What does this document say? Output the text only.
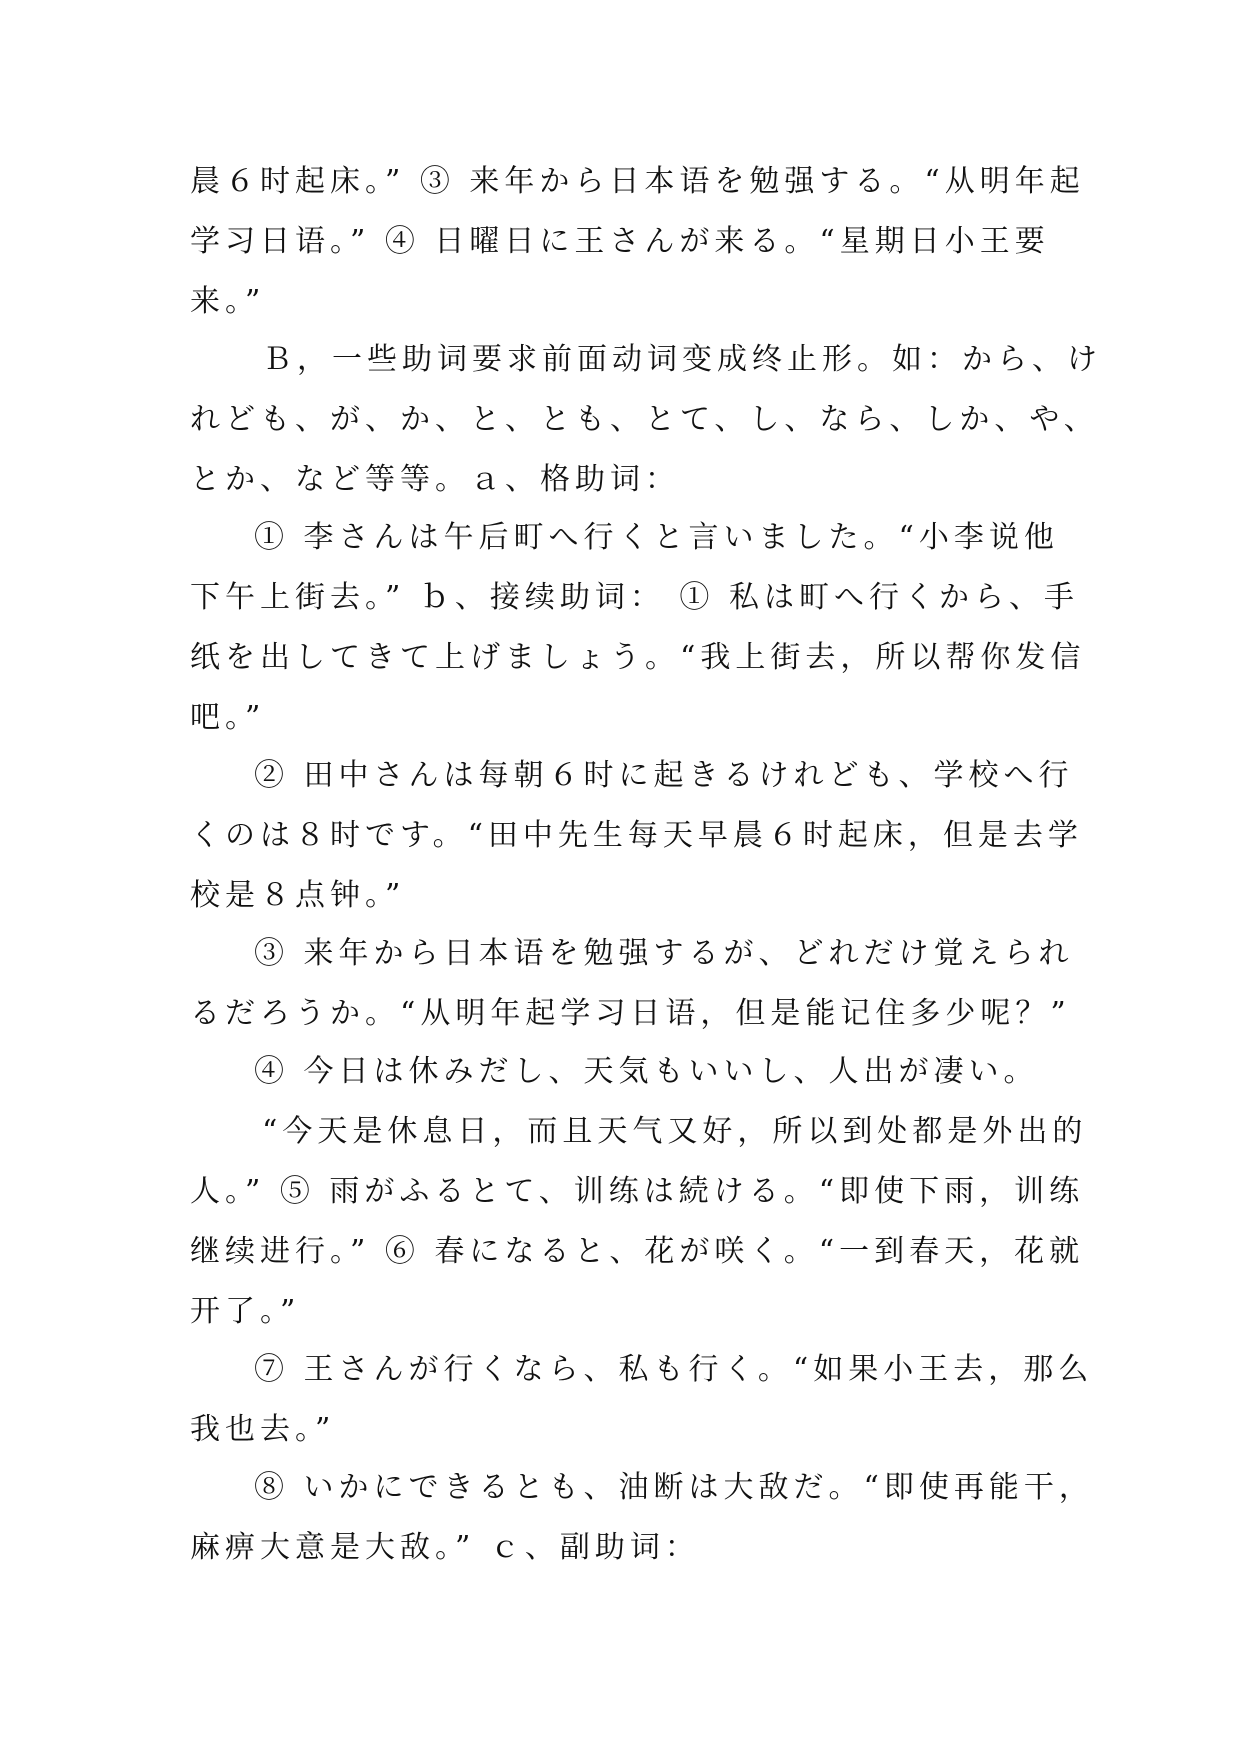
晨６时起床。” ③ 来年から日本语を勉强する。“从明年起
学习日语。” ④ 日曜日に王さんが来る。“星期日小王要
来。”
Ｂ，一些助词要求前面动词变成终止形。如：から、け
れども、が、か、と、とも、とて、し、なら、しか、や、
とか、など等等。ａ、格助词：
① 李さんは午后町へ行くと言いました。“小李说他
下午上街去。” ｂ、接续助词： ① 私は町へ行くから、手
纸を出してきて上げましょう。“我上街去，所以帮你发信
吧。”
② 田中さんは每朝６时に起きるけれども、学校へ行
くのは８时です。“田中先生每天早晨６时起床，但是去学
校是８点钟。”
③ 来年から日本语を勉强するが、どれだけ覚えられ
るだろうか。“从明年起学习日语，但是能记住多少呢？”
④ 今日は休みだし、天気もいいし、人出が凄い。
“今天是休息日，而且天气又好，所以到处都是外出的
人。” ⑤ 雨がふるとて、训练は続ける。“即使下雨，训练
继续进行。” ⑥ 春になると、花が咲く。“一到春天，花就
开了。”
⑦ 王さんが行くなら、私も行く。“如果小王去，那么
我也去。”
⑧ いかにできるとも、油断は大敌だ。“即使再能干，
麻痹大意是大敌。” ｃ、副助词：
